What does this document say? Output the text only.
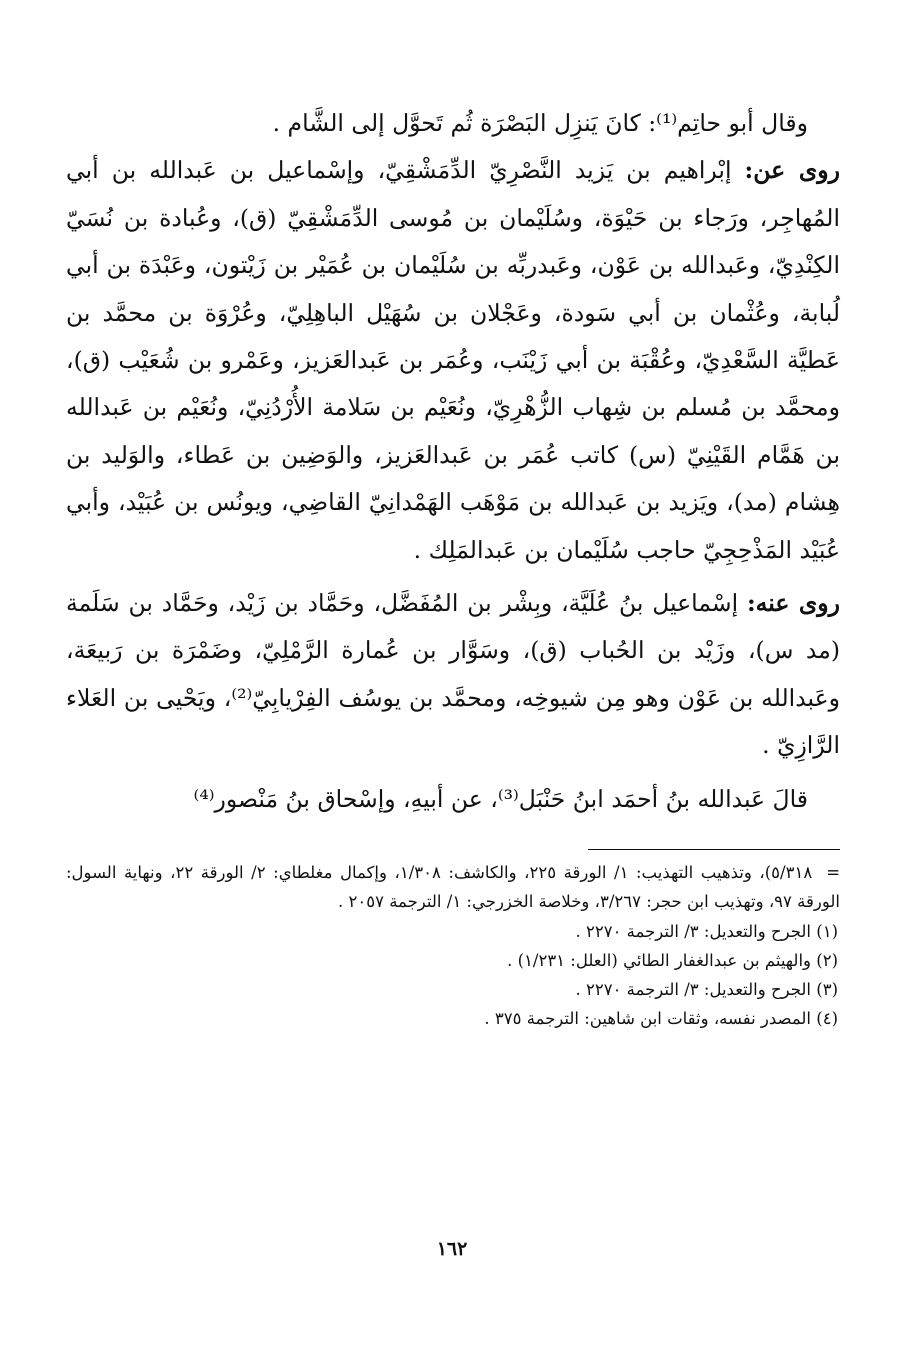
وقال أبو حاتِم⁽¹⁾: كانَ يَنزِل البَصْرَة ثُم تَحوَّل إلى الشَّام .

روى عن: إبْراهيم بن يَزيد النَّصْرِيّ الدِّمَشْقِيّ، وإسْماعيل بن عَبدالله بن أبي المُهاجِر، ورَجاء بن حَيْوَة، وسُلَيْمان بن مُوسى الدِّمَشْقِيّ (ق)، وعُبادة بن نُسَيّ الكِنْدِيّ، وعَبدالله بن عَوْن، وعَبدربِّه بن سُلَيْمان بن عُمَيْر بن زَيْتون، وعَبْدَة بن أبي لُبابة، وعُثْمان بن أبي سَودة، وعَجْلان بن سُهَيْل الباهِلِيّ، وعُرْوَة بن محمَّد بن عَطيَّة السَّعْدِيّ، وعُقْبَة بن أبي زَيْنَب، وعُمَر بن عَبدالعَزيز، وعَمْرو بن شُعَيْب (ق)، ومحمَّد بن مُسلم بن شِهاب الزُّهْرِيّ، ونُعَيْم بن سَلامة الأُرْدُنِيّ، ونُعَيْم بن عَبدالله بن هَمَّام القَيْنِيّ (س) كاتب عُمَر بن عَبدالعَزيز، والوَضِين بن عَطاء، والوَليد بن هِشام (مد)، ويَزيد بن عَبدالله بن مَوْهَب الهَمْدانِيّ القاضِي، ويونُس بن عُبَيْد، وأبي عُبَيْد المَذْحِجِيّ حاجب سُلَيْمان بن عَبدالمَلِك .

روى عنه: إسْماعيل بنُ عُلَيَّة، وبِشْر بن المُفَضَّل، وحَمَّاد بن زَيْد، وحَمَّاد بن سَلَمة (مد س)، وزَيْد بن الحُباب (ق)، وسَوَّار بن عُمارة الرَّمْلِيّ، وضَمْرَة بن رَبيعَة، وعَبدالله بن عَوْن وهو مِن شيوخِه، ومحمَّد بن يوسُف الفِرْيابِيّ⁽²⁾، ويَحْيى بن العَلاء الرَّازِيّ .

قالَ عَبدالله بنُ أحمَد ابنُ حَنْبَل⁽³⁾، عن أبيهِ، وإسْحاق بنُ مَنْصور⁽⁴⁾

=٥/٣١٨)، وتذهيب التهذيب: ١/ الورقة ٢٢٥، والكاشف: ١/٣٠٨، وإكمال مغلطاي: ٢/ الورقة ٢٢، ونهاية السول: الورقة ٩٧، وتهذيب ابن حجر: ٣/٢٦٧، وخلاصة الخزرجي: ١/ الترجمة ٢٠٥٧ .

(١) الجرح والتعديل: ٣/ الترجمة ٢٢٧٠ .

(٢) والهيثم بن عبدالغفار الطائي (العلل: ١/٢٣١) .

(٣) الجرح والتعديل: ٣/ الترجمة ٢٢٧٠ .

(٤) المصدر نفسه، وثقات ابن شاهين: الترجمة ٣٧٥ .

١٦٢
